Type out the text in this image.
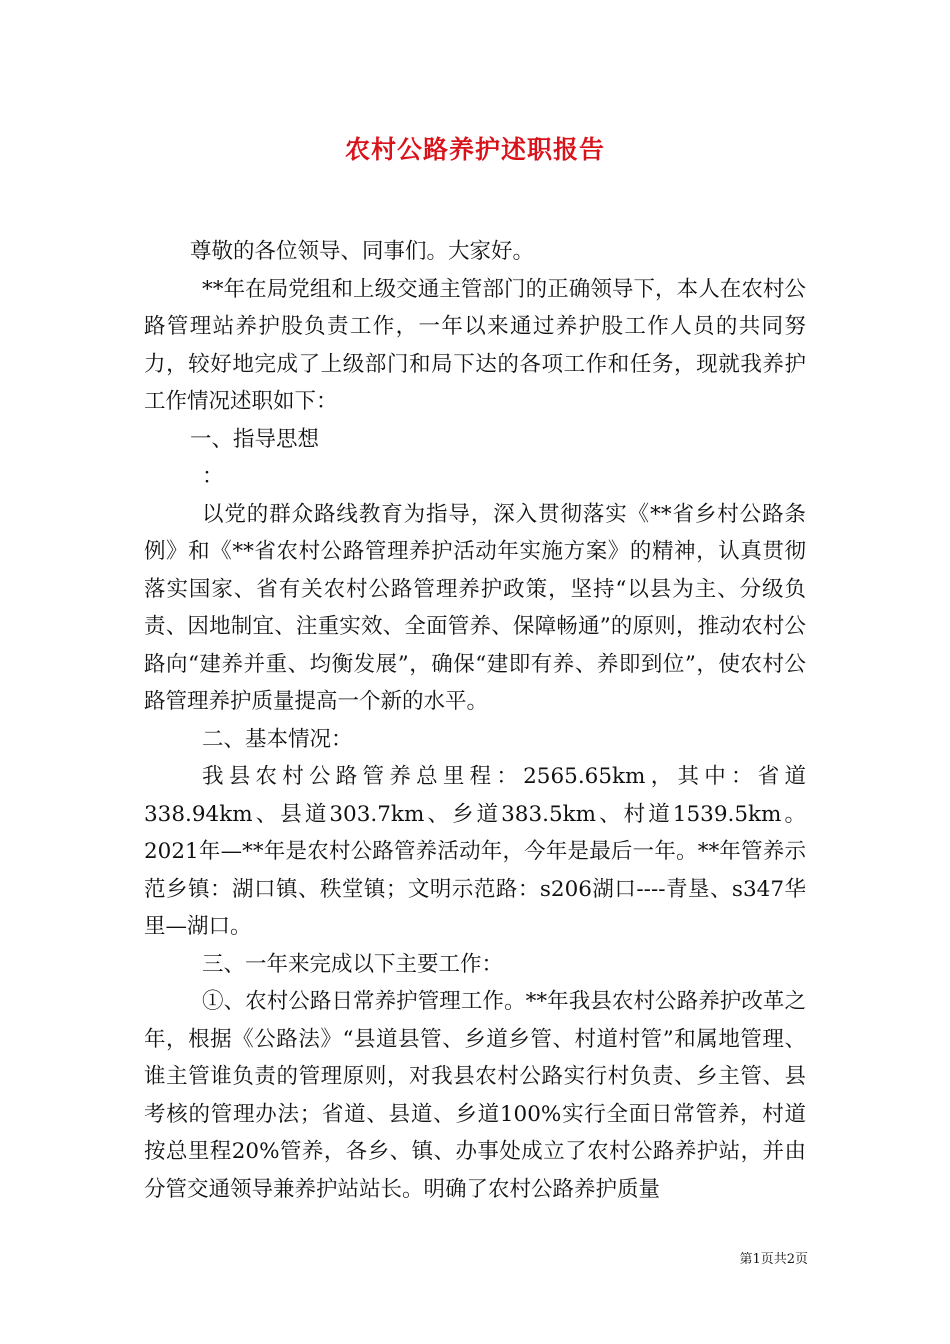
农村公路养护述职报告

尊敬的各位领导、同事们。大家好。

**年在局党组和上级交通主管部门的正确领导下，本人在农村公路管理站养护股负责工作，一年以来通过养护股工作人员的共同努力，较好地完成了上级部门和局下达的各项工作和任务，现就我养护工作情况述职如下：

一、指导思想

：

以党的群众路线教育为指导，深入贯彻落实《**省乡村公路条例》和《**省农村公路管理养护活动年实施方案》的精神，认真贯彻落实国家、省有关农村公路管理养护政策，坚持“以县为主、分级负责、因地制宜、注重实效、全面管养、保障畅通”的原则，推动农村公路向“建养并重、均衡发展”，确保“建即有养、养即到位”，使农村公路管理养护质量提高一个新的水平。

二、基本情况：

我县农村公路管养总里程：2565.65km，其中：省道

338.94km、县道303.7km、乡道383.5km、村道1539.5km。2021年—**年是农村公路管养活动年，今年是最后一年。**年管养示范乡镇：湖口镇、秩堂镇；文明示范路：s206湖口----青垦、s347华里—湖口。

三、一年来完成以下主要工作：

①、农村公路日常养护管理工作。**年我县农村公路养护改革之年，根据《公路法》“县道县管、乡道乡管、村道村管”和属地管理、谁主管谁负责的管理原则，对我县农村公路实行村负责、乡主管、县考核的管理办法；省道、县道、乡道100%实行全面日常管养，村道按总里程20%管养，各乡、镇、办事处成立了农村公路养护站，并由分管交通领导兼养护站站长。明确了农村公路养护质量

第1页共2页
